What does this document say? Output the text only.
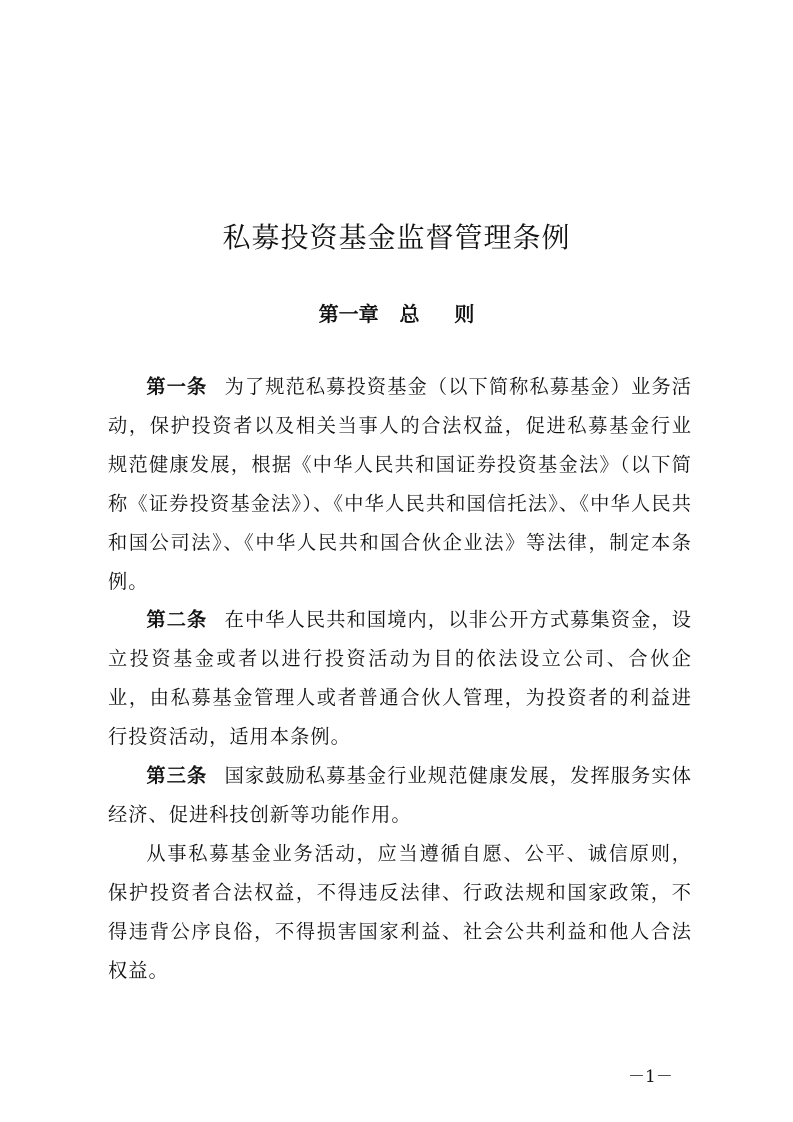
私募投资基金监督管理条例
第一章   总     则

第一条 为了规范私募投资基金（以下简称私募基金）业务活动，保护投资者以及相关当事人的合法权益，促进私募基金行业规范健康发展，根据《中华人民共和国证券投资基金法》（以下简称《证券投资基金法》）、《中华人民共和国信托法》、《中华人民共和国公司法》、《中华人民共和国合伙企业法》等法律，制定本条例。

第二条 在中华人民共和国境内，以非公开方式募集资金，设立投资基金或者以进行投资活动为目的依法设立公司、合伙企业，由私募基金管理人或者普通合伙人管理，为投资者的利益进行投资活动，适用本条例。

第三条 国家鼓励私募基金行业规范健康发展，发挥服务实体经济、促进科技创新等功能作用。

从事私募基金业务活动，应当遵循自愿、公平、诚信原则，保护投资者合法权益，不得违反法律、行政法规和国家政策，不得违背公序良俗，不得损害国家利益、社会公共利益和他人合法权益。

－1－
